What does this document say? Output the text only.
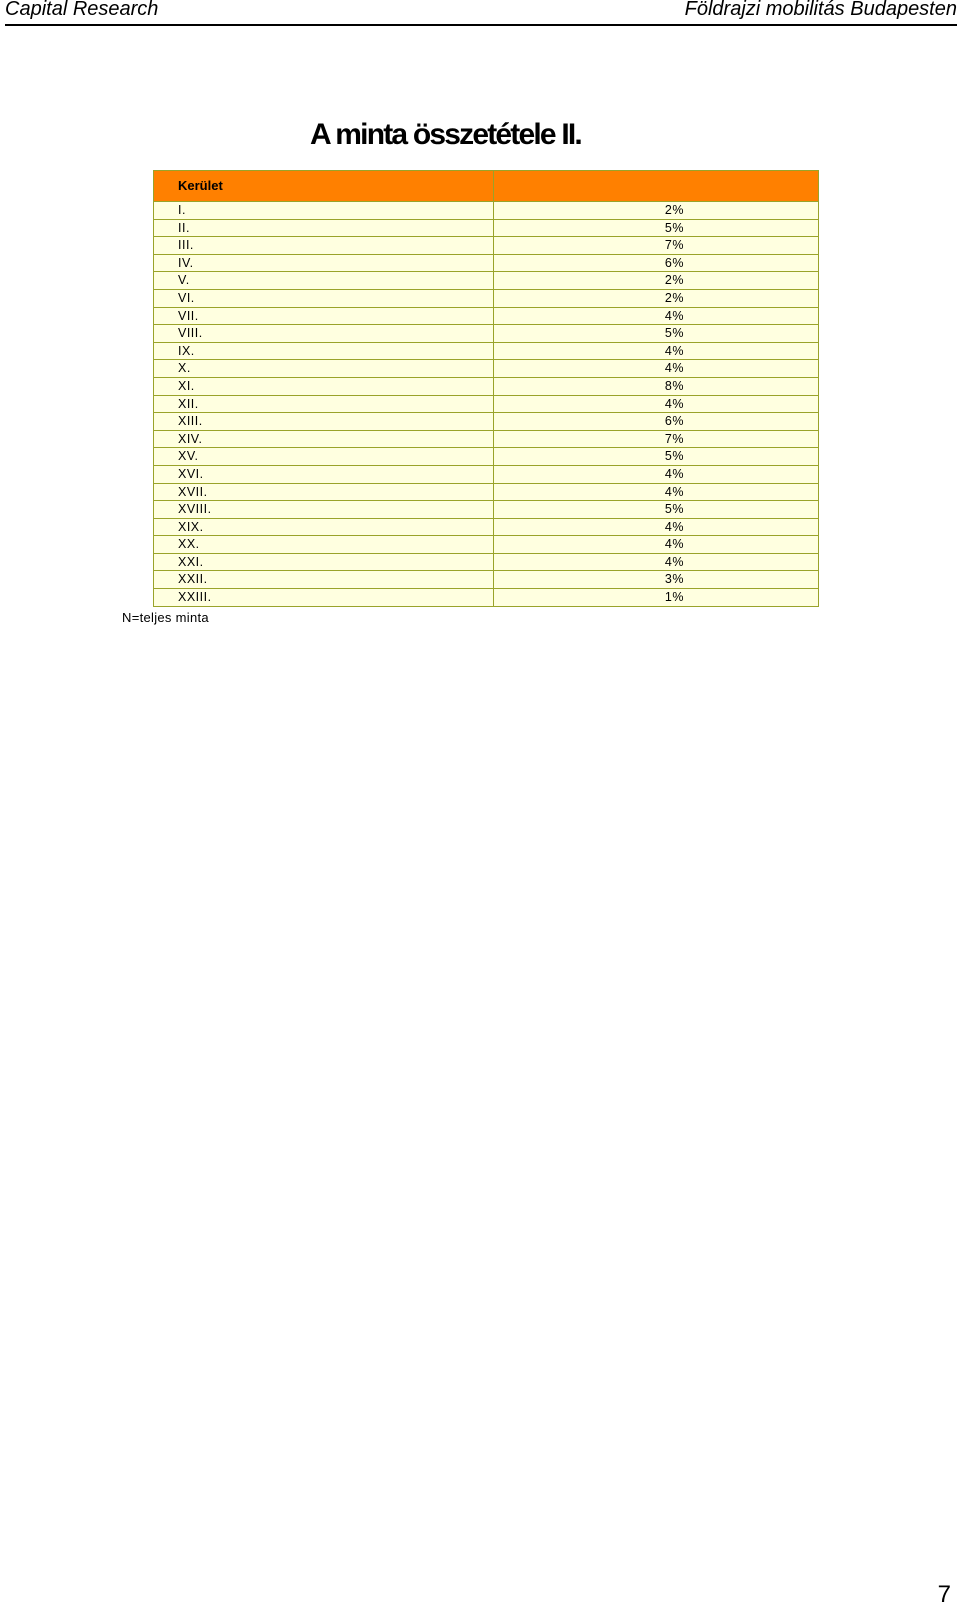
Capital Research	Földrajzi mobilitás Budapesten
A minta összetétele II.
Kerület
I.	2%
II.	5%
III.	7%
IV.	6%
V.	2%
VI.	2%
VII.	4%
VIII.	5%
IX.	4%
X.	4%
XI.	8%
XII.	4%
XIII.	6%
XIV.	7%
XV.	5%
XVI.	4%
XVII.	4%
XVIII.	5%
XIX.	4%
XX.	4%
XXI.	4%
XXII.	3%
XXIII.	1%
N=teljes minta
7
